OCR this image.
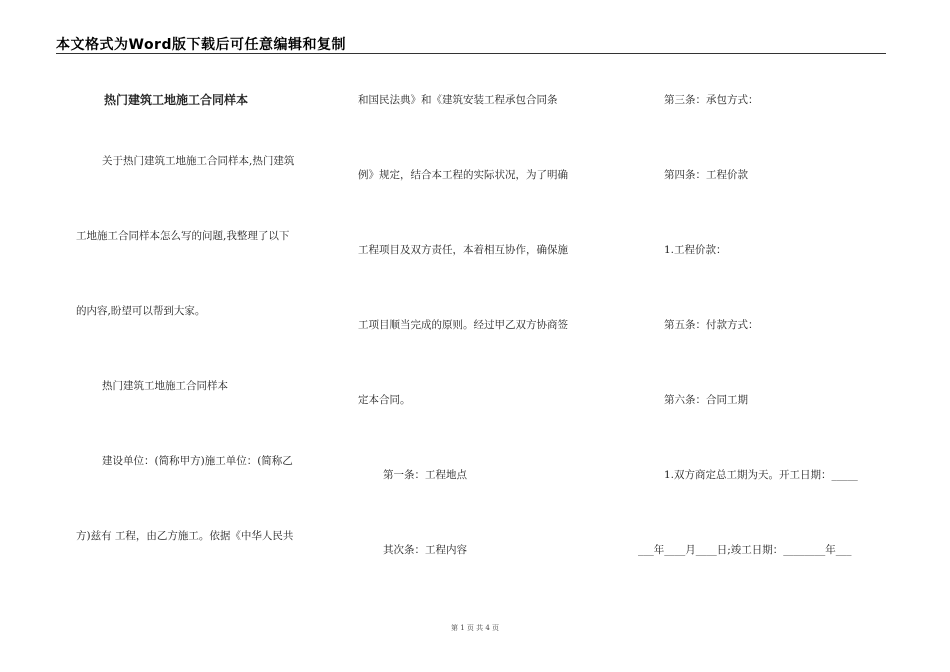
本文格式为Word版下载后可任意编辑和复制
热门建筑工地施工合同样本
关于热门建筑工地施工合同样本,热门建筑
工地施工合同样本怎么写的问题,我整理了以下
的内容,盼望可以帮到大家。
热门建筑工地施工合同样本
建设单位：(简称甲方)施工单位：(简称乙
方)兹有 工程，由乙方施工。依据《中华人民共
和国民法典》和《建筑安装工程承包合同条
例》规定，结合本工程的实际状况，为了明确
工程项目及双方责任，本着相互协作，确保施
工项目顺当完成的原则。经过甲乙双方协商签
定本合同。
第一条：工程地点
其次条：工程内容
第三条：承包方式：
第四条：工程价款
1.工程价款：
第五条：付款方式：
第六条：合同工期
1.双方商定总工期为天。开工日期：_____
___年____月____日;竣工日期：________年___
第 1 页 共 4 页
